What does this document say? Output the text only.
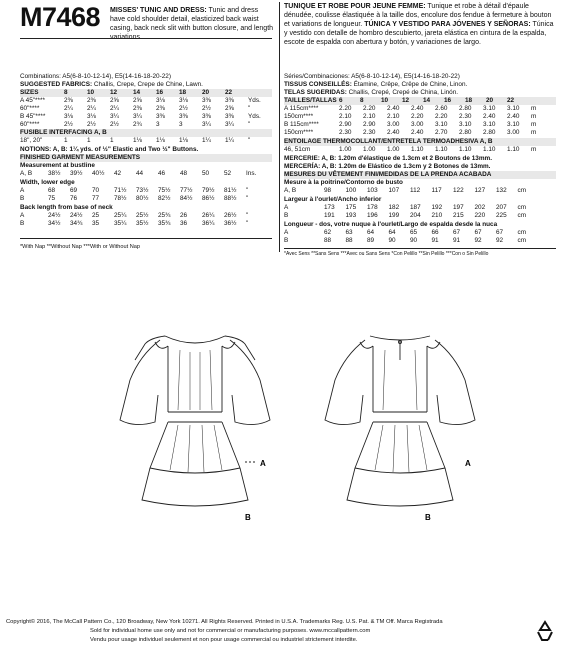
M7468 MISSES' TUNIC AND DRESS: Tunic and dress have cold shoulder detail, elasticized back waist casing, back neck slit with button closure, and length
Combinations: A5(6-8-10-12-14), E5(14-16-18-20-22)
SUGGESTED FABRICS: Challis, Crepe, Crepe de Chine, Lawn.
SIZES	8	10	12	14	16	18	20	22
A 45"****	2⅜	2⅜	2⅝	2⅝	3⅛	3⅛	3⅜	3⅜	Yds.
60"****	2¼	2¼	2¼	2⅜	2⅜	2½	2½	2⅝	"
B 45"****	3⅛	3⅛	3¼	3¼	3⅜	3⅜	3⅜	3⅜	Yds.
60"****	2½	2½	2½	2¾	3	3	3¼	3¼	"
FUSIBLE INTERFACING A, B
18", 20"	1	1	1	1⅛	1⅛	1⅛	1¼	1¼	"
NOTIONS: A, B: 1¼ yds. of ½" Elastic and Two ½" Buttons.
FINISHED GARMENT MEASUREMENTS
Measurement at bustline
A, B	38½	39½	40½	42	44	46	48	50	52	Ins.
Width, lower edge
A	68	69	70	71½	73½	75½	77½	79½	81½	"
B	75	76	77	78½	80½	82½	84½	86½	88½	"
Back length from base of neck
A	24½	24½	25	25¼	25½	25¾	26	26¼	26½	"
B	34½	34¾	35	35¼	35½	35¾	36	36¼	36½	"
*With Nap **Without Nap ***With or Without Nap
TUNIQUE ET ROBE POUR JEUNE FEMME: Tunique et robe à détail d'épaule dénudée, coulisse élastiquée à la taille dos, encolure dos fendue à fermeture à bouton et variations de longueur. TÚNICA Y VESTIDO PARA JÓVENES Y SEÑORAS: Túnica y vestido con detalle de hombro descubierto, jareta elástica en cintura de la espalda, escote de espalda con abertura y botón, y variaciones de largo.
Séries/Combinaciones: A5(6-8-10-12-14), E5(14-16-18-20-22)
TISSUS CONSEILLÉS: Étamine, Crêpe, Crêpe de Chine, Linon.
TELAS SUGERIDAS: Challis, Crepé, Crepé de China, Linón.
TAILLES/TALLAS 6	8	10	12	14	16	18	20	22
A 115cm****	2.20	2.20	2.40	2.40	2.60	2.80	3.10	3.10	m
150cm****	2.10	2.10	2.10	2.20	2.20	2.30	2.40	2.40	m
B 115cm****	2.90	2.90	3.00	3.00	3.10	3.10	3.10	3.10	m
150cm****	2.30	2.30	2.40	2.40	2.70	2.80	2.80	3.00	m
ENTOILAGE THERMOCOLLANT/ENTRETELA TERMOADHESIVA A, B
46, 51cm	1.00	1.00	1.00	1.10	1.10	1.10	1.10	1.10	m
MERCERIE: A, B: 1.20m d'élastique de 1.3cm et 2 Boutons de 13mm.
MERCERÍA: A, B: 1.20m de Elástico de 1.3cm y 2 Botones de 13mm.
MESURES DU VÊTEMENT FINI/MEDIDAS DE LA PRENDA ACABADA
Mesure à la poitrine/Contorno de busto
A, B	98	100	103	107	112	117	122	127	132	cm
Largeur à l'ourlet/Ancho inferior
A	173	175	178	182	187	192	197	202	207	cm
B	191	193	196	199	204	210	215	220	225	cm
Longueur - dos, votre nuque à l'ourlet/Largo de espalda desde la nuca
A	62	63	64	64	65	66	67	67	67	cm
B	88	88	89	90	90	91	91	92	92	cm
*Avec Sens **Sans Sens ***Avec ou Sans Sens *Con Pelillo **Sin Pelillo ***Con o Sin Pelillo
A
B
A
B
Copyright© 2016, The McCall Pattern Co., 120 Broadway, New York 10271. All Rights Reserved. Printed in U.S.A. Trademarks Reg. U.S. Pat. & TM Off. Marca Registrada
Sold for individual home use only and not for commercial or manufacturing purposes. www.mccallpattern.com
Vendu pour usage individuel seulement et non pour usage commercial ou industriel strictement interdite.
